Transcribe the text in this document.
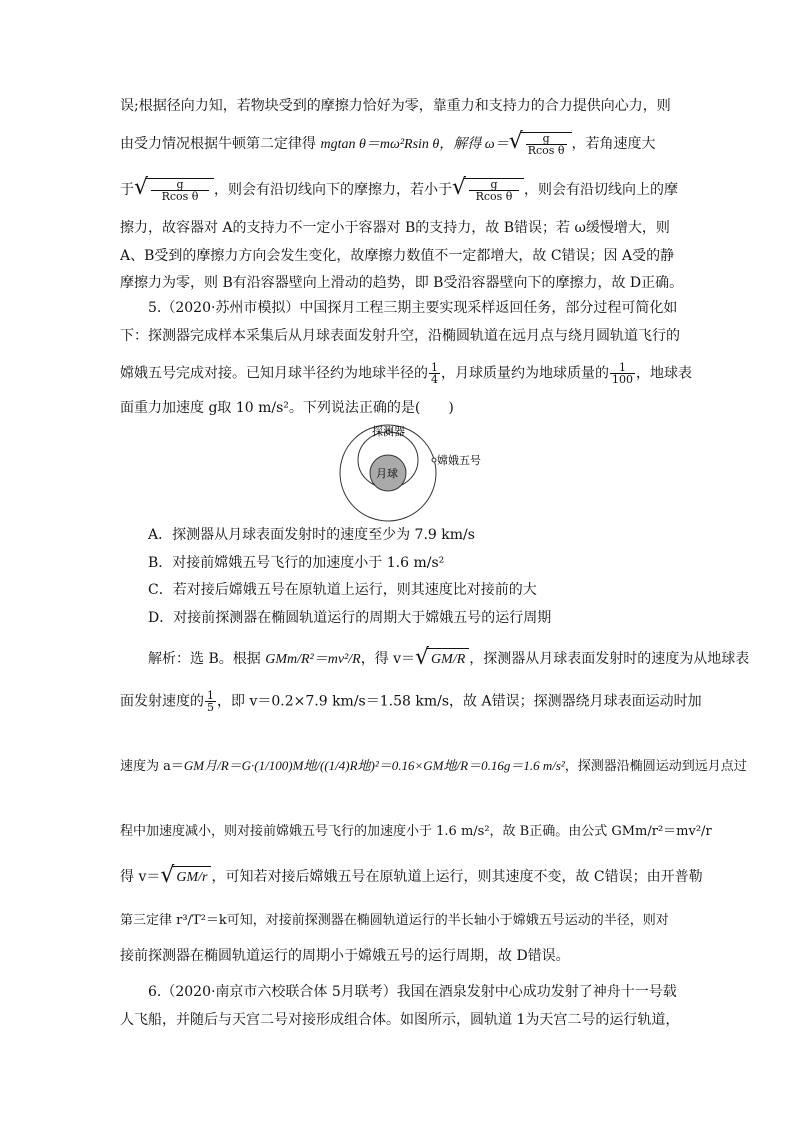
误;根据径向力知，若物块受到的摩擦力恰好为零，靠重力和支持力的合力提供向心力，则
由受力情况根据牛顿第二定律得 mgtan θ＝mω²Rsin θ，解得 ω＝ √ $\frac{g}{\text{Rcos θ}}$ ，若角速度大
于 √ $\frac{g}{\text{Rcos θ}}$ ，则会有沿切线向下的摩擦力，若小于 √ $\frac{g}{\text{Rcos θ}}$ ，则会有沿切线向上的摩
擦力，故容器对 A的支持力不一定小于容器对 B的支持力，故 B错误；若 ω缓慢增大，则
A、B受到的摩擦力方向会发生变化，故摩擦力数值不一定都增大，故 C错误；因 A受的静
摩擦力为零，则 B有沿容器壁向上滑动的趋势，即 B受沿容器壁向下的摩擦力，故 D正确。
5.（2020·苏州市模拟）中国探月工程三期主要实现采样返回任务，部分过程可简化如
下：探测器完成样本采集后从月球表面发射升空，沿椭圆轨道在远月点与绕月圆轨道飞行的
嫦娥五号完成对接。已知月球半径约为地球半径的 $\frac{1}{4}$ ，月球质量约为地球质量的 $\frac{1}{100}$ ，地球表
面重力加速度 g取 10 m/s²。下列说法正确的是(　　)
探测器
月球
嫦娥五号
A．探测器从月球表面发射时的速度至少为 7.9 km/s
B．对接前嫦娥五号飞行的加速度小于 1.6 m/s²
C．若对接后嫦娥五号在原轨道上运行，则其速度比对接前的大
D．对接前探测器在椭圆轨道运行的周期大于嫦娥五号的运行周期
解析：选 B。根据 GMm/R²＝mv²/R，得 v＝ √ GM/R ，探测器从月球表面发射时的速度为从地球表
面发射速度的 $\frac{1}{5}$ ，即 v＝0.2×7.9 km/s＝1.58 km/s，故 A错误；探测器绕月球表面运动时加
速度为 a＝GM月/R＝G·(1/100)M地/((1/4)R地)²＝0.16×GM地/R＝0.16g＝1.6 m/s²，探测器沿椭圆运动到远月点过
程中加速度减小，则对接前嫦娥五号飞行的加速度小于 1.6 m/s²，故 B正确。由公式 GMm/r²＝mv²/r
得 v＝ √ GM/r ，可知若对接后嫦娥五号在原轨道上运行，则其速度不变，故 C错误；由开普勒
第三定律 r³/T²＝k可知，对接前探测器在椭圆轨道运行的半长轴小于嫦娥五号运动的半径，则对
接前探测器在椭圆轨道运行的周期小于嫦娥五号的运行周期，故 D错误。
6.（2020·南京市六校联合体 5月联考）我国在酒泉发射中心成功发射了神舟十一号载
人飞船，并随后与天宫二号对接形成组合体。如图所示，圆轨道 1为天宫二号的运行轨道，
